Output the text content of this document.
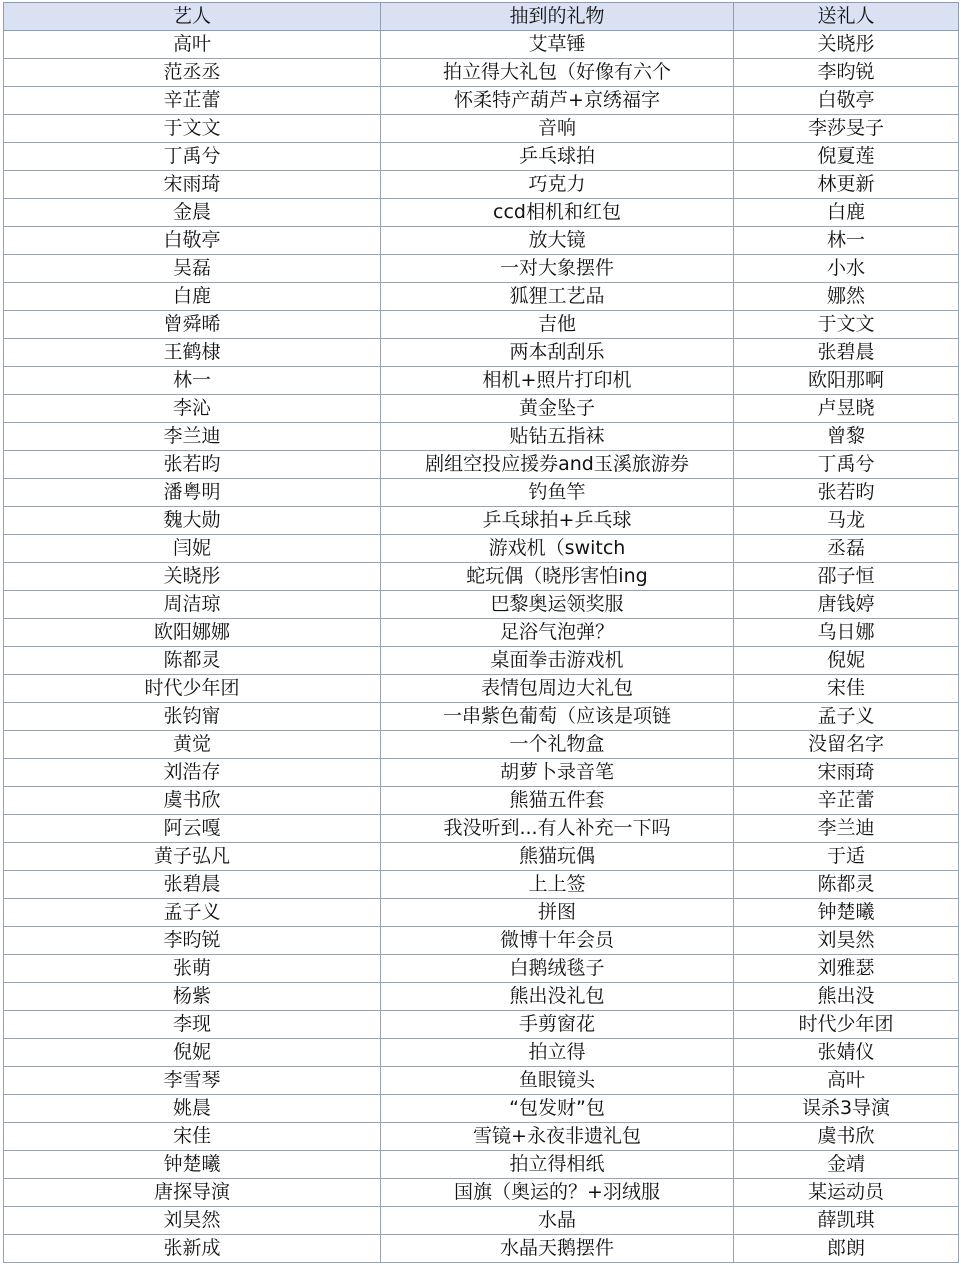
艺人	抽到的礼物	送礼人
高叶	艾草锤	关晓彤
范丞丞	拍立得大礼包（好像有六个	李昀锐
辛芷蕾	怀柔特产葫芦+京绣福字	白敬亭
于文文	音响	李莎旻子
丁禹兮	乒乓球拍	倪夏莲
宋雨琦	巧克力	林更新
金晨	ccd相机和红包	白鹿
白敬亭	放大镜	林一
吴磊	一对大象摆件	小水
白鹿	狐狸工艺品	娜然
曾舜晞	吉他	于文文
王鹤棣	两本刮刮乐	张碧晨
林一	相机+照片打印机	欧阳那啊
李沁	黄金坠子	卢昱晓
李兰迪	贴钻五指袜	曾黎
张若昀	剧组空投应援券and玉溪旅游券	丁禹兮
潘粤明	钓鱼竿	张若昀
魏大勋	乒乓球拍+乒乓球	马龙
闫妮	游戏机（switch	丞磊
关晓彤	蛇玩偶（晓彤害怕ing	邵子恒
周洁琼	巴黎奥运领奖服	唐钱婷
欧阳娜娜	足浴气泡弹？	乌日娜
陈都灵	桌面拳击游戏机	倪妮
时代少年团	表情包周边大礼包	宋佳
张钧甯	一串紫色葡萄（应该是项链	孟子义
黄觉	一个礼物盒	没留名字
刘浩存	胡萝卜录音笔	宋雨琦
虞书欣	熊猫五件套	辛芷蕾
阿云嘎	我没听到...有人补充一下吗	李兰迪
黄子弘凡	熊猫玩偶	于适
张碧晨	上上签	陈都灵
孟子义	拼图	钟楚曦
李昀锐	微博十年会员	刘昊然
张萌	白鹅绒毯子	刘雅瑟
杨紫	熊出没礼包	熊出没
李现	手剪窗花	时代少年团
倪妮	拍立得	张婧仪
李雪琴	鱼眼镜头	高叶
姚晨	“包发财”包	误杀3导演
宋佳	雪镜+永夜非遗礼包	虞书欣
钟楚曦	拍立得相纸	金靖
唐探导演	国旗（奥运的？+羽绒服	某运动员
刘昊然	水晶	薛凯琪
张新成	水晶天鹅摆件	郎朗
